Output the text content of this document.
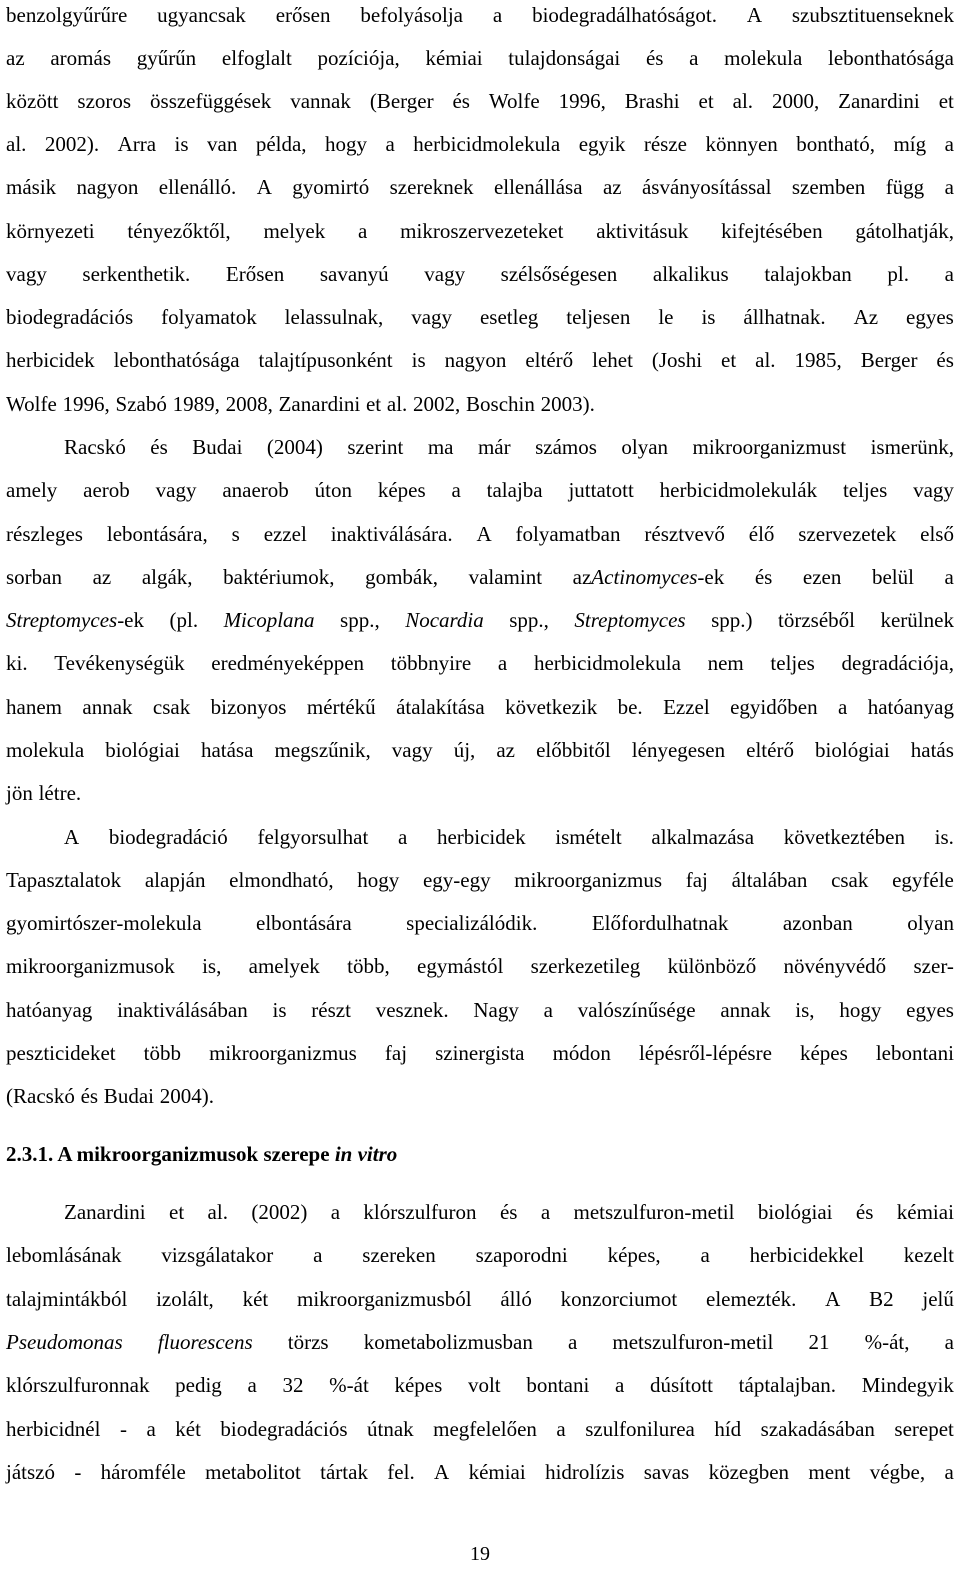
benzolgyűrűre ugyancsak erősen befolyásolja a biodegradálhatóságot. A szubsztituenseknek
az aromás gyűrűn elfoglalt pozíciója, kémiai tulajdonságai és a molekula lebonthatósága
között szoros összefüggések vannak (Berger és Wolfe 1996, Brashi et al. 2000, Zanardini et
al. 2002). Arra is van példa, hogy a herbicidmolekula egyik része könnyen bontható, míg a
másik nagyon ellenálló. A gyomirtó szereknek ellenállása az ásványosítással szemben függ a
környezeti tényezőktől, melyek a mikroszervezeteket aktivitásuk kifejtésében gátolhatják,
vagy serkenthetik. Erősen savanyú vagy szélsőségesen alkalikus talajokban pl. a
biodegradációs folyamatok lelassulnak, vagy esetleg teljesen le is állhatnak. Az egyes
herbicidek lebonthatósága talajtípusonként is nagyon eltérő lehet (Joshi et al. 1985, Berger és
Wolfe 1996, Szabó 1989, 2008, Zanardini et al. 2002, Boschin 2003).
Racskó és Budai (2004) szerint ma már számos olyan mikroorganizmust ismerünk,
amely aerob vagy anaerob úton képes a talajba juttatott herbicidmolekulák teljes vagy
részleges lebontására, s ezzel inaktiválására. A folyamatban résztvevő élő szervezetek első
sorban az algák, baktériumok, gombák, valamint azActinomyces-ek és ezen belül a
Streptomyces-ek (pl. Micoplana spp., Nocardia spp., Streptomyces spp.) törzséből kerülnek
ki. Tevékenységük eredményeképpen többnyire a herbicidmolekula nem teljes degradációja,
hanem annak csak bizonyos mértékű átalakítása következik be. Ezzel egyidőben a hatóanyag
molekula biológiai hatása megszűnik, vagy új, az előbbitől lényegesen eltérő biológiai hatás
jön létre.
A biodegradáció felgyorsulhat a herbicidek ismételt alkalmazása következtében is.
Tapasztalatok alapján elmondható, hogy egy-egy mikroorganizmus faj általában csak egyféle
gyomirtószer-molekula	elbontására	specializálódik.	Előfordulhatnak	azonban	olyan
mikroorganizmusok is, amelyek több, egymástól szerkezetileg különböző növényvédő szer-
hatóanyag inaktiválásában is részt vesznek. Nagy a valószínűsége annak is, hogy egyes
peszticideket több mikroorganizmus faj szinergista módon lépésről-lépésre képes lebontani
(Racskó és Budai 2004).
2.3.1. A mikroorganizmusok szerepe in vitro
Zanardini et al. (2002) a klórszulfuron és a metszulfuron-metil biológiai és kémiai
lebomlásának vizsgálatakor a szereken szaporodni képes, a herbicidekkel kezelt
talajmintákból izolált, két mikroorganizmusból álló konzorciumot elemezték. A B2 jelű
Pseudomonas fluorescens törzs kometabolizmusban a metszulfuron-metil 21 %-át, a
klórszulfuronnak pedig a 32 %-át képes volt bontani a dúsított táptalajban. Mindegyik
herbicidnél - a két biodegradációs útnak megfelelően a szulfonilurea híd szakadásában serepet
játszó - háromféle metabolitot tártak fel. A kémiai hidrolízis savas közegben ment végbe, a
19
